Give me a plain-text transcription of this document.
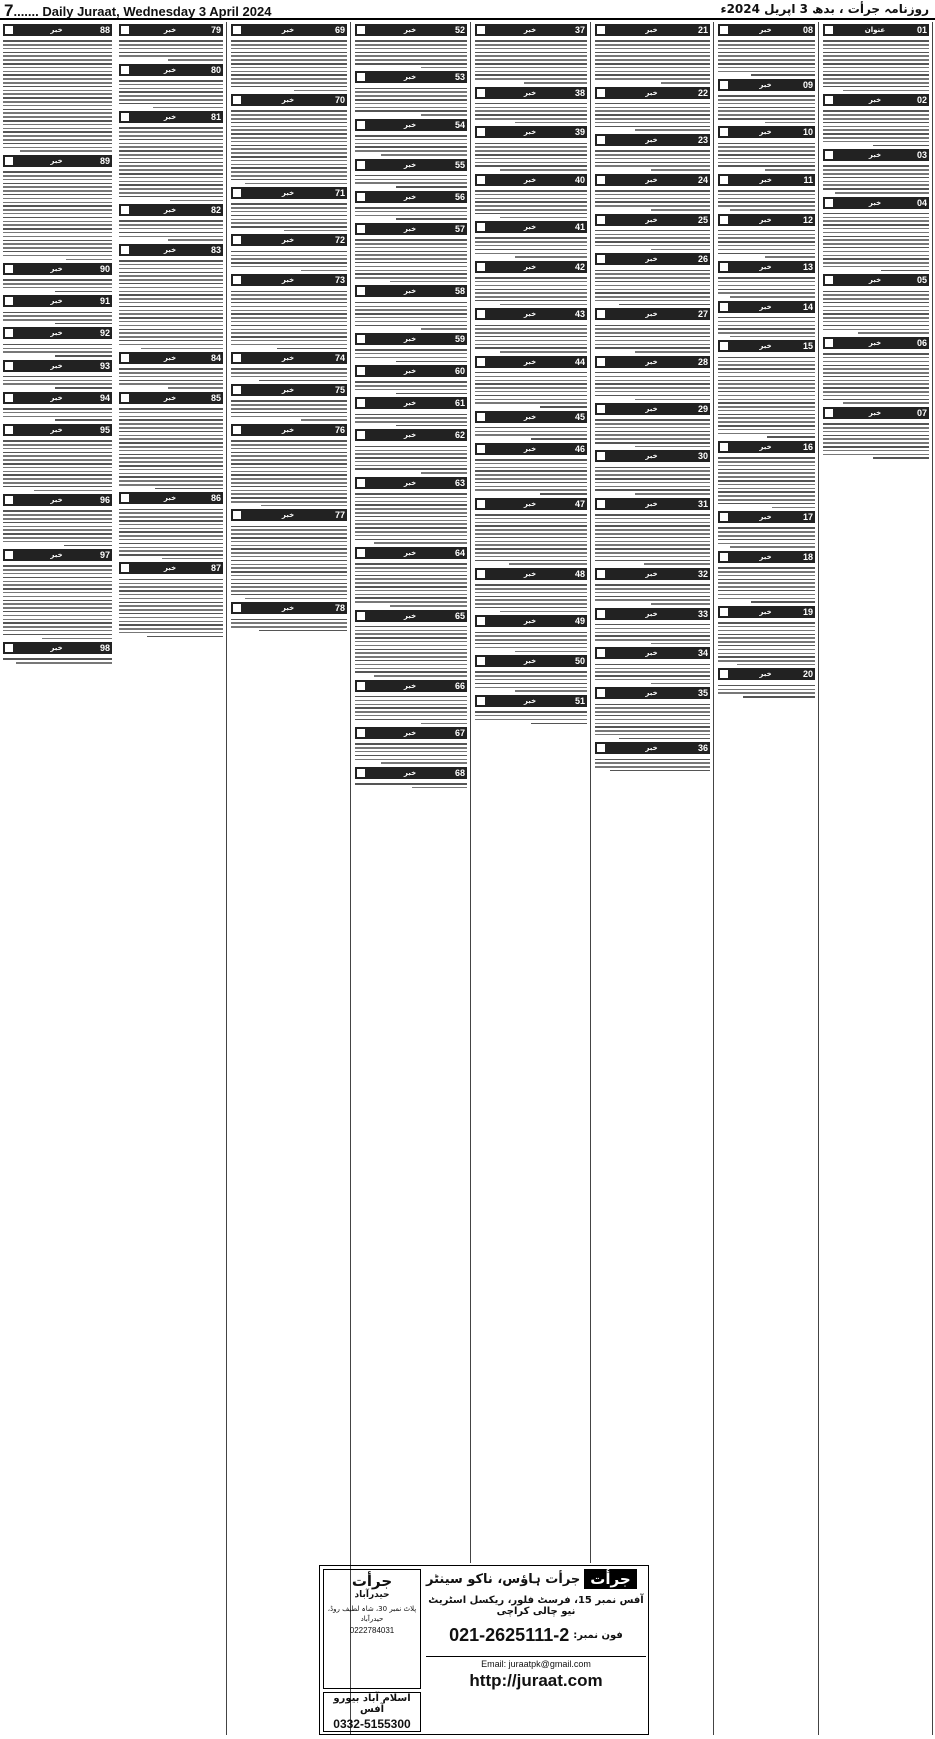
7....... Daily Juraat, Wednesday 3 April 2024	روزنامہ جرأت ، بدھ 3 اپریل 2024ء
01
عنوان
02
خبر
03
خبر
04
خبر
05
خبر
06
خبر
07
خبر
08
خبر
09
خبر
10
خبر
11
خبر
12
خبر
13
خبر
14
خبر
15
خبر
16
خبر
17
خبر
18
خبر
19
خبر
20
خبر
21
خبر
22
خبر
23
خبر
24
خبر
25
خبر
26
خبر
27
خبر
28
خبر
29
خبر
30
خبر
31
خبر
32
خبر
33
خبر
34
خبر
35
خبر
36
خبر
37
خبر
38
خبر
39
خبر
40
خبر
41
خبر
42
خبر
43
خبر
44
خبر
45
خبر
46
خبر
47
خبر
48
خبر
49
خبر
50
خبر
51
خبر
52
خبر
53
خبر
54
خبر
55
خبر
56
خبر
57
خبر
58
خبر
59
خبر
60
خبر
61
خبر
62
خبر
63
خبر
64
خبر
65
خبر
66
خبر
67
خبر
68
خبر
69
خبر
70
خبر
71
خبر
72
خبر
73
خبر
74
خبر
75
خبر
76
خبر
77
خبر
78
خبر
79
خبر
80
خبر
81
خبر
82
خبر
83
خبر
84
خبر
85
خبر
86
خبر
87
خبر
88
خبر
89
خبر
90
خبر
91
خبر
92
خبر
93
خبر
94
خبر
95
خبر
96
خبر
97
خبر
98
خبر
جرأت
حیدرآباد
پلاٹ نمبر 30، شاہ لطیف روڈ، حیدرآباد
0222784031
اسلام آباد بیورو آفس
0332-5155300
جرأت
جرأت ہاؤس، ناکو سینٹر
آفس نمبر 15، فرسٹ فلور، ریکسل اسٹریٹ نیو چالی کراچی
021-2625111-2 فون نمبر:
Email: juraatpk@gmail.com
http://juraat.com
